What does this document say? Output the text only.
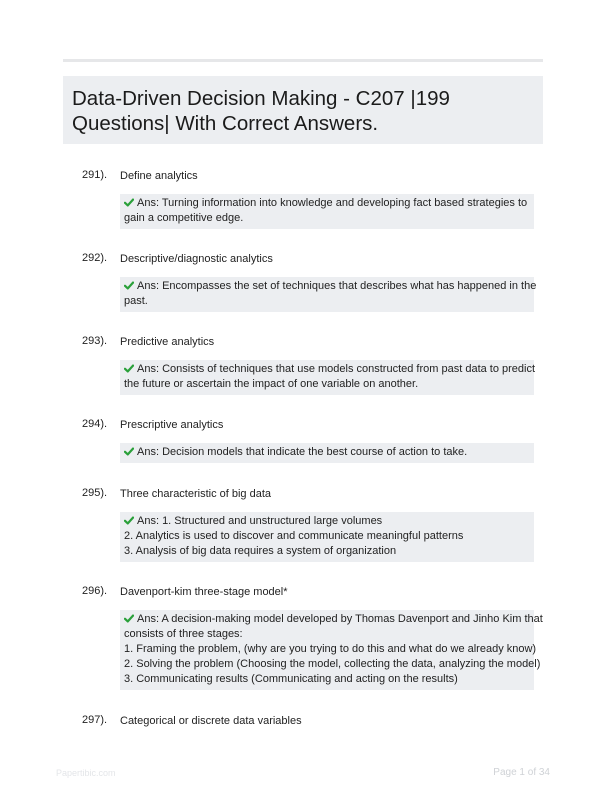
Data-Driven Decision Making - C207 |199 Questions| With Correct Answers.
291). Define analytics
Ans: Turning information into knowledge and developing fact based strategies to
gain a competitive edge.
292). Descriptive/diagnostic analytics
Ans: Encompasses the set of techniques that describes what has happened in the
past.
293). Predictive analytics
Ans: Consists of techniques that use models constructed from past data to predict
the future or ascertain the impact of one variable on another.
294). Prescriptive analytics
Ans: Decision models that indicate the best course of action to take.
295). Three characteristic of big data
Ans: 1. Structured and unstructured large volumes
2. Analytics is used to discover and communicate meaningful patterns
3. Analysis of big data requires a system of organization
296). Davenport-kim three-stage model*
Ans: A decision-making model developed by Thomas Davenport and Jinho Kim that
consists of three stages:
1. Framing the problem, (why are you trying to do this and what do we already know)
2. Solving the problem (Choosing the model, collecting the data, analyzing the model)
3. Communicating results (Communicating and acting on the results)
297). Categorical or discrete data variables
Papertibic.com	Page 1 of 34
